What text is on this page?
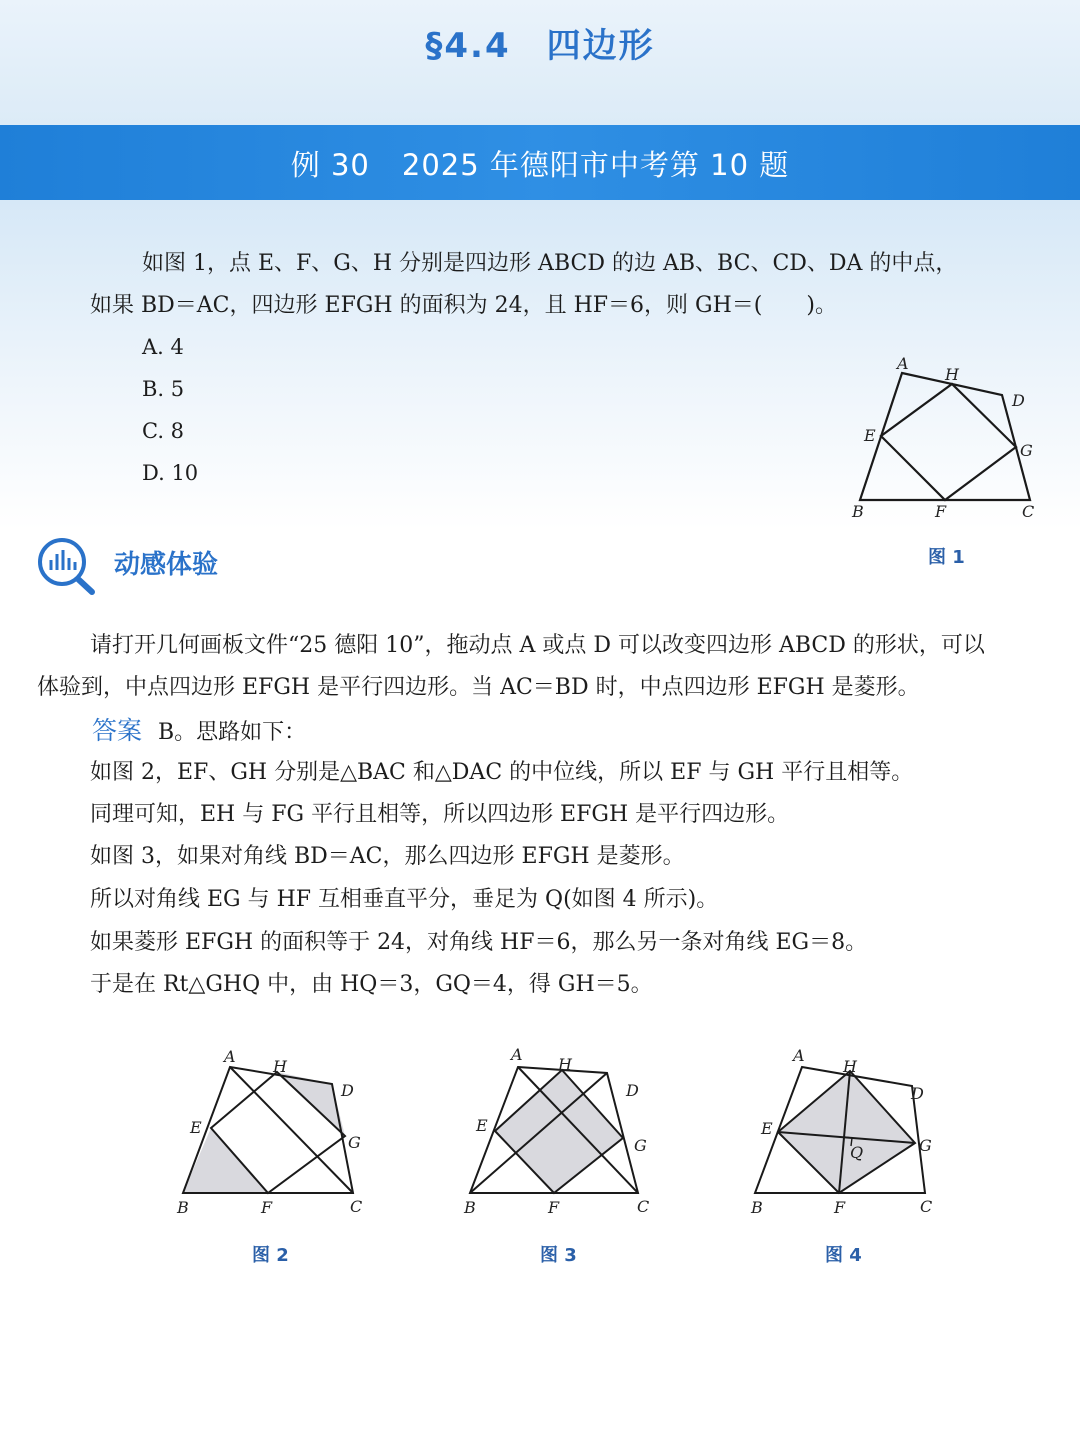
§4.4 四边形
例 30 2025 年德阳市中考第 10 题
如图 1，点 E、F、G、H 分别是四边形 ABCD 的边 AB、BC、CD、DA 的中点，
如果 BD＝AC，四边形 EFGH 的面积为 24，且 HF＝6，则 GH＝(　　)。
A. 4
B. 5
C. 8
D. 10
A
H
D
E
G
B	F	C
图 1
动感体验
请打开几何画板文件“25 德阳 10”，拖动点 A 或点 D 可以改变四边形 ABCD 的形状，可以
体验到，中点四边形 EFGH 是平行四边形。当 AC＝BD 时，中点四边形 EFGH 是菱形。
答案 B。思路如下：
如图 2，EF、GH 分别是△BAC 和△DAC 的中位线，所以 EF 与 GH 平行且相等。
同理可知，EH 与 FG 平行且相等，所以四边形 EFGH 是平行四边形。
如图 3，如果对角线 BD＝AC，那么四边形 EFGH 是菱形。
所以对角线 EG 与 HF 互相垂直平分，垂足为 Q(如图 4 所示)。
如果菱形 EFGH 的面积等于 24，对角线 HF＝6，那么另一条对角线 EG＝8。
于是在 Rt△GHQ 中，由 HQ＝3，GQ＝4，得 GH＝5。
A
H
D
E
G
B	F	C
图 2
A
H
D
E
G
B	F	C
图 3
A
H
D
E
G
Q
B	F	C
图 4
